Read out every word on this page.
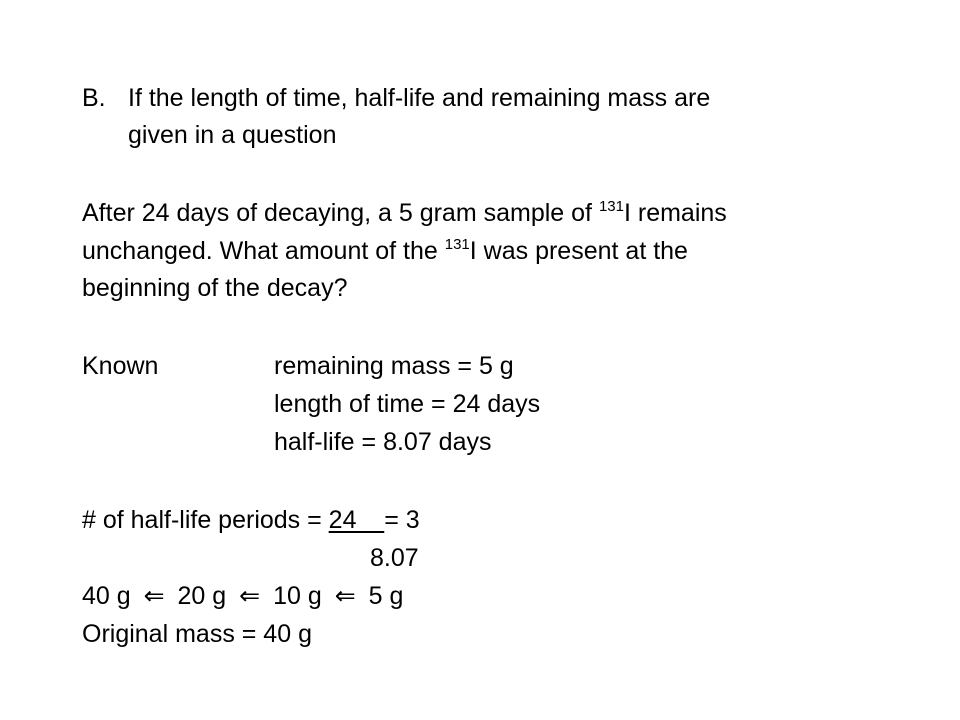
B. If the length of time, half-life and remaining mass are
given in a question
After 24 days of decaying, a 5 gram sample of $^{131}$I remains
unchanged. What amount of the $^{131}$I was present at the
beginning of the decay?
Known	remaining mass = 5 g
length of time = 24 days
half-life = 8.07 days
# of half-life periods = 24    = 3
8.07
40 g ⇐ 20 g ⇐ 10 g ⇐ 5 g
Original mass = 40 g
